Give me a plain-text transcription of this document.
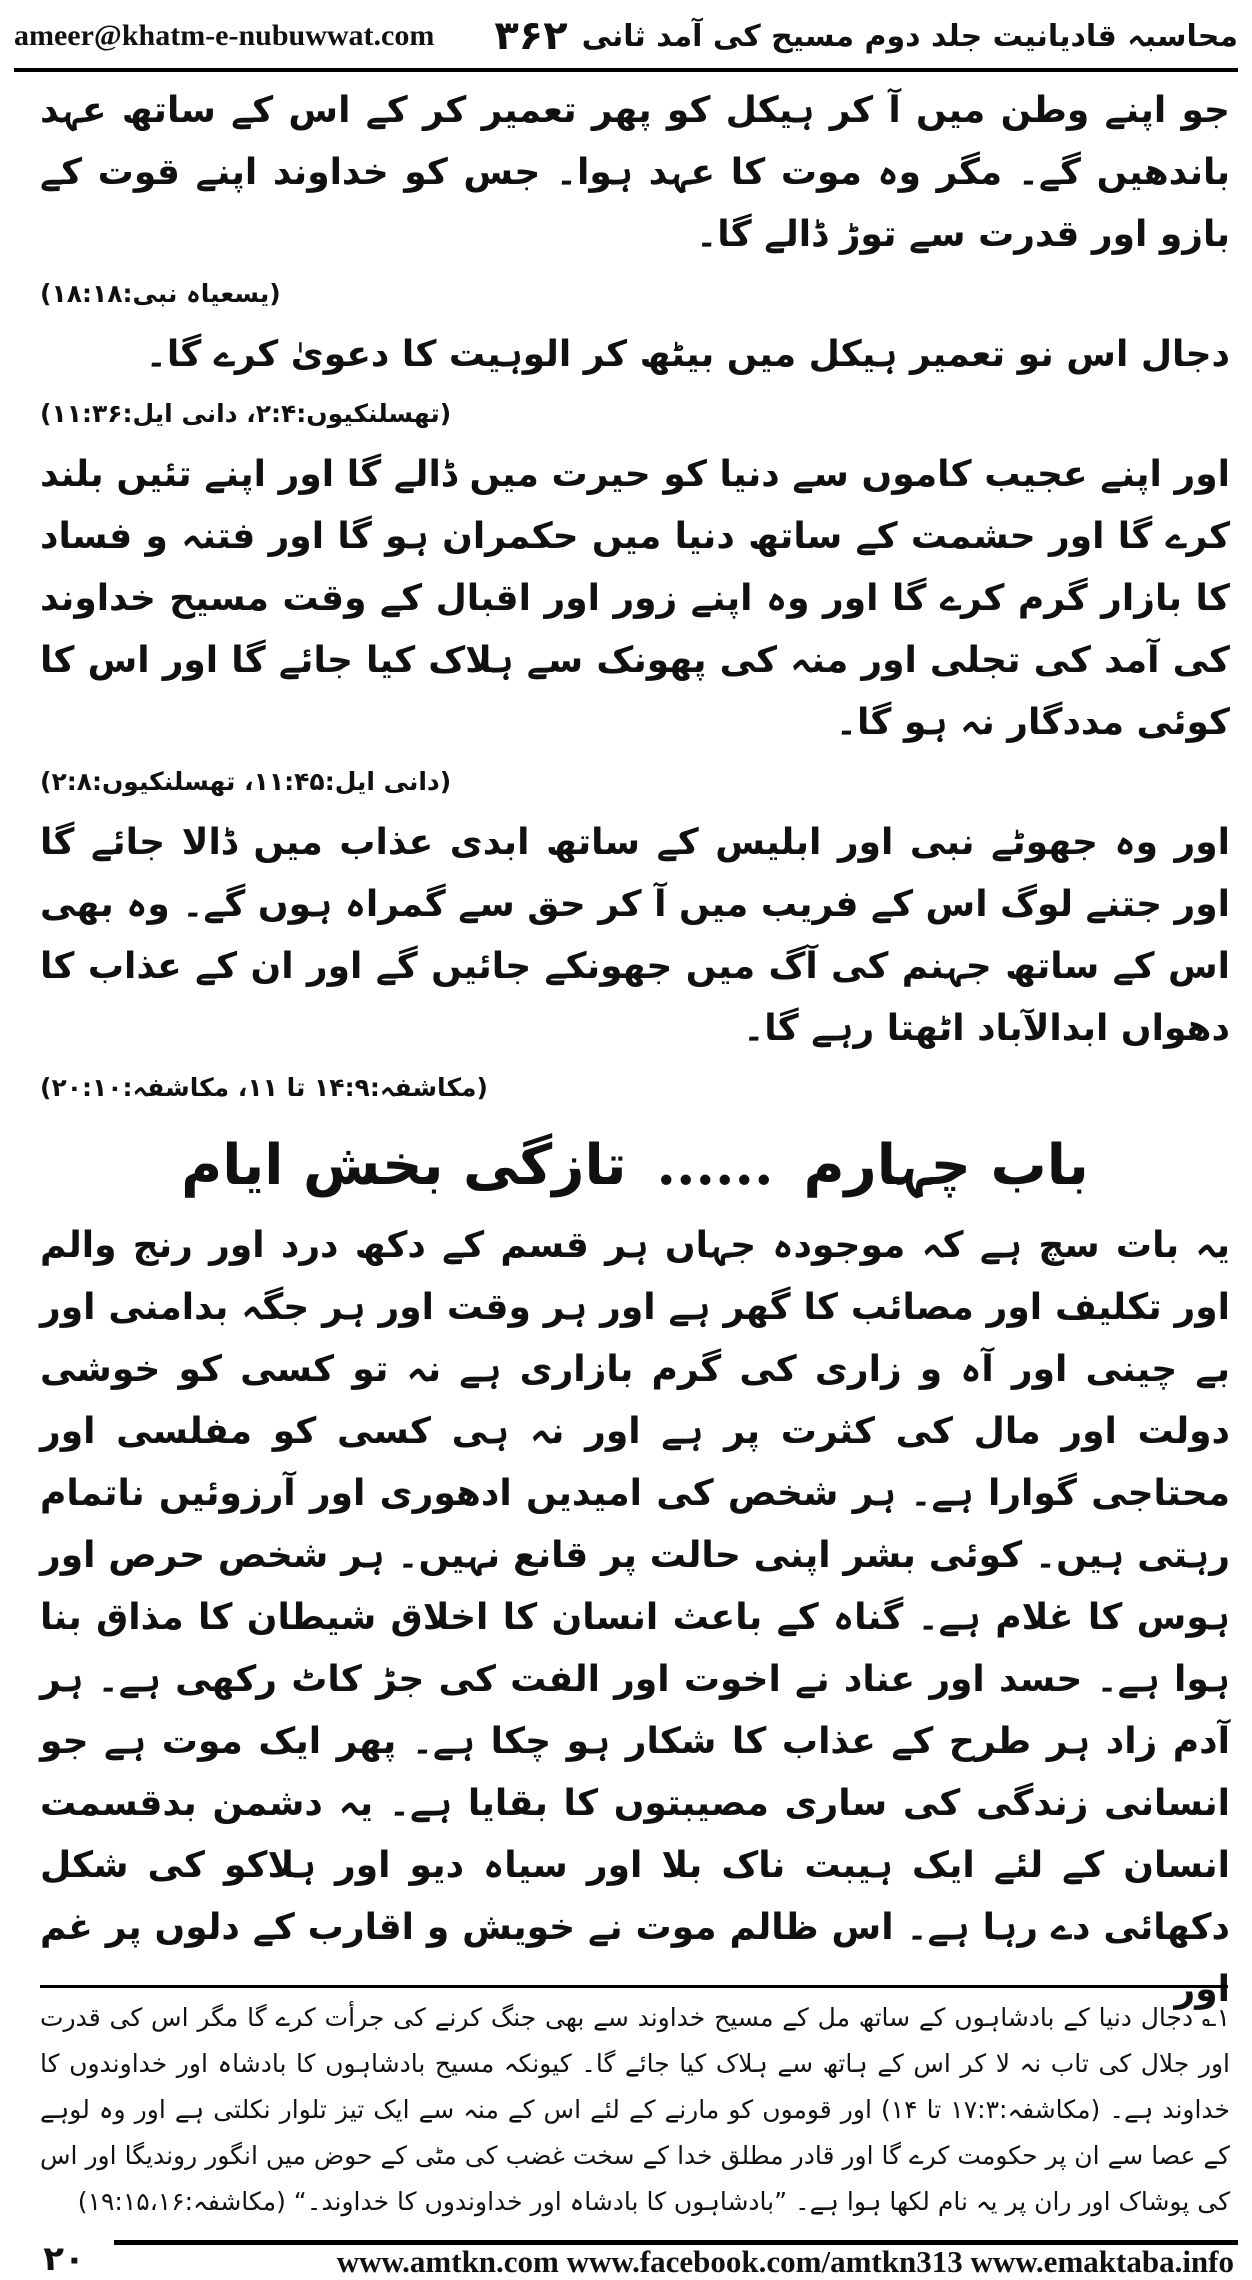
ameer@khatm-e-nubuwwat.com ۳۶۲ محاسبہ قادیانیت جلد دوم مسیح کی آمد ثانی

جو اپنے وطن میں آ کر ہیکل کو پھر تعمیر کر کے اس کے ساتھ عہد باندھیں گے۔ مگر وہ موت کا عہد ہوا۔ جس کو خداوند اپنے قوت کے بازو اور قدرت سے توڑ ڈالے گا۔

(یسعیاہ نبی:۱۸:۱۸)

دجال اس نو تعمیر ہیکل میں بیٹھ کر الوہیت کا دعویٰ کرے گا۔

(تھسلنکیوں:۲:۴، دانی ایل:۱۱:۳۶)

اور اپنے عجیب کاموں سے دنیا کو حیرت میں ڈالے گا اور اپنے تئیں بلند کرے گا اور حشمت کے ساتھ دنیا میں حکمران ہو گا اور فتنہ و فساد کا بازار گرم کرے گا اور وہ اپنے زور اور اقبال کے وقت مسیح خداوند کی آمد کی تجلی اور منہ کی پھونک سے ہلاک کیا جائے گا اور اس کا کوئی مددگار نہ ہو گا۔

(دانی ایل:۱۱:۴۵، تھسلنکیوں:۲:۸)

اور وہ جھوٹے نبی اور ابلیس کے ساتھ ابدی عذاب میں ڈالا جائے گا اور جتنے لوگ اس کے فریب میں آ کر حق سے گمراہ ہوں گے۔ وہ بھی اس کے ساتھ جہنم کی آگ میں جھونکے جائیں گے اور ان کے عذاب کا دھواں ابدالآباد اٹھتا رہے گا۔

(مکاشفہ:۱۴:۹ تا ۱۱، مکاشفہ:۲۰:۱۰)
باب چہارم......تازگی بخش ایام

یہ بات سچ ہے کہ موجودہ جہاں ہر قسم کے دکھ درد اور رنج والم اور تکلیف اور مصائب کا گھر ہے اور ہر وقت اور ہر جگہ بدامنی اور بے چینی اور آہ و زاری کی گرم بازاری ہے نہ تو کسی کو خوشی دولت اور مال کی کثرت پر ہے اور نہ ہی کسی کو مفلسی اور محتاجی گوارا ہے۔ ہر شخص کی امیدیں ادھوری اور آرزوئیں ناتمام رہتی ہیں۔ کوئی بشر اپنی حالت پر قانع نہیں۔ ہر شخص حرص اور ہوس کا غلام ہے۔ گناہ کے باعث انسان کا اخلاق شیطان کا مذاق بنا ہوا ہے۔ حسد اور عناد نے اخوت اور الفت کی جڑ کاٹ رکھی ہے۔ ہر آدم زاد ہر طرح کے عذاب کا شکار ہو چکا ہے۔ پھر ایک موت ہے جو انسانی زندگی کی ساری مصیبتوں کا بقایا ہے۔ یہ دشمن بدقسمت انسان کے لئے ایک ہیبت ناک بلا اور سیاہ دیو اور ہلاکو کی شکل دکھائی دے رہا ہے۔ اس ظالم موت نے خویش و اقارب کے دلوں پر غم اور

۱؎ دجال دنیا کے بادشاہوں کے ساتھ مل کے مسیح خداوند سے بھی جنگ کرنے کی جرأت کرے گا مگر اس کی قدرت اور جلال کی تاب نہ لا کر اس کے ہاتھ سے ہلاک کیا جائے گا۔ کیونکہ مسیح بادشاہوں کا بادشاہ اور خداوندوں کا خداوند ہے۔ (مکاشفہ:۱۷:۳ تا ۱۴) اور قوموں کو مارنے کے لئے اس کے منہ سے ایک تیز تلوار نکلتی ہے اور وہ لوہے کے عصا سے ان پر حکومت کرے گا اور قادر مطلق خدا کے سخت غضب کی مٹی کے حوض میں انگور روندیگا اور اس کی پوشاک اور ران پر یہ نام لکھا ہوا ہے۔ ”بادشاہوں کا بادشاہ اور خداوندوں کا خداوند۔“ (مکاشفہ:۱۹:۱۵،۱۶)
۲۰	www.amtkn.com www.facebook.com/amtkn313 www.emaktaba.info
